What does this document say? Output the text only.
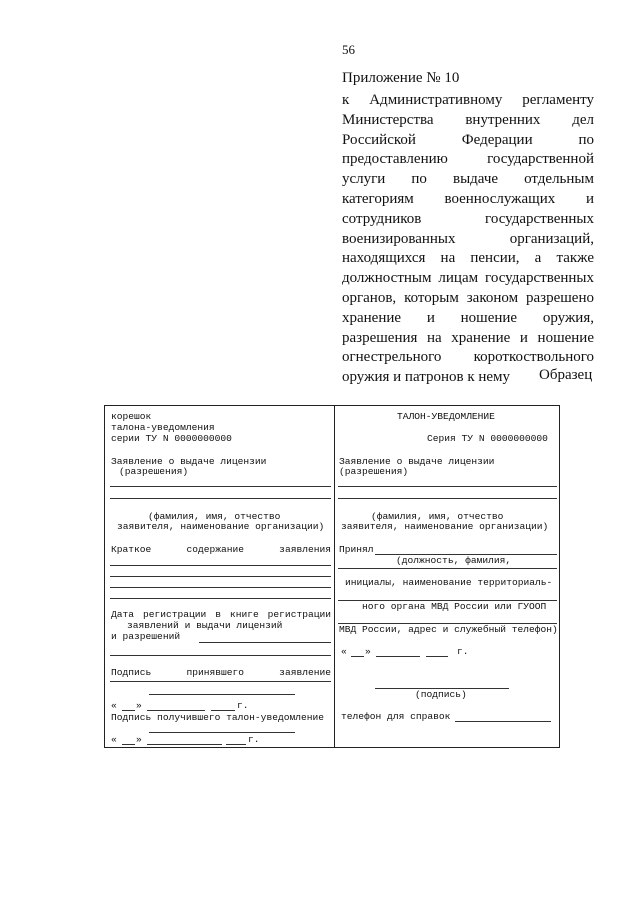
56
Приложение № 10
к Административному регламенту
Министерства внутренних дел
Российской Федерации по
предоставлению государственной
услуги по выдаче отдельным
категориям военнослужащих и
сотрудников государственных
военизированных организаций,
находящихся на пенсии, а также
должностным лицам государственных
органов, которым законом разрешено
хранение и ношение оружия,
разрешения на хранение и ношение
огнестрельного короткоствольного
оружия и патронов к нему	Образец
корешок
талона-уведомления
серии ТУ N 0000000000
Заявление о выдаче лицензии
(разрешения)
(фамилия, имя, отчество
заявителя, наименование организации)
Краткое содержание заявления
Дата регистрации в книге регистрации
заявлений и выдачи лицензий
и разрешений
Подпись принявшего заявление
« »	г.
Подпись получившего талон-уведомление
« »	г.
ТАЛОН-УВЕДОМЛЕНИЕ
Серия ТУ N 0000000000
Заявление о выдаче лицензии
(разрешения)
(фамилия, имя, отчество
заявителя, наименование организации)
Принял
(должность, фамилия,
инициалы, наименование территориаль-
ного органа МВД России или ГУООП
МВД России, адрес и служебный телефон)
« »	г.
(подпись)
телефон для справок
